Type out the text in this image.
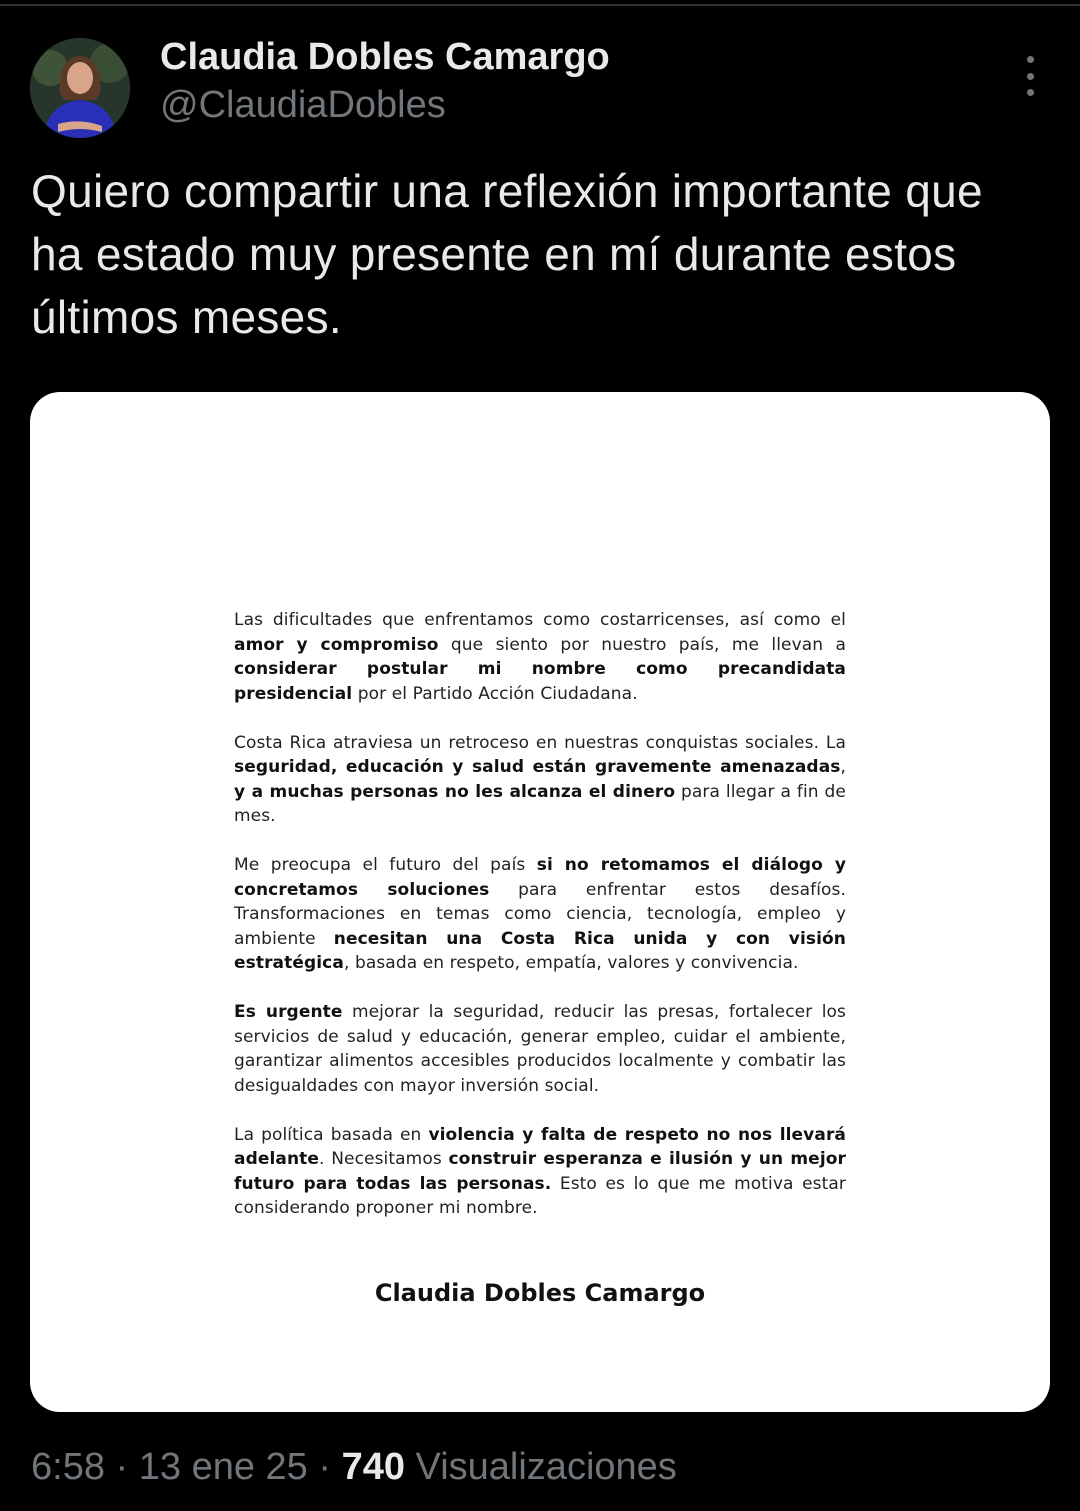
Claudia Dobles Camargo
@ClaudiaDobles
Quiero compartir una reflexión importante que ha estado muy presente en mí durante estos últimos meses.

Las dificultades que enfrentamos como costarricenses, así como el amor y compromiso que siento por nuestro país, me llevan a considerar postular mi nombre como precandidata presidencial por el Partido Acción Ciudadana.

Costa Rica atraviesa un retroceso en nuestras conquistas sociales. La seguridad, educación y salud están gravemente amenazadas, y a muchas personas no les alcanza el dinero para llegar a fin de mes.

Me preocupa el futuro del país si no retomamos el diálogo y concretamos soluciones para enfrentar estos desafíos. Transformaciones en temas como ciencia, tecnología, empleo y ambiente necesitan una Costa Rica unida y con visión estratégica, basada en respeto, empatía, valores y convivencia.

Es urgente mejorar la seguridad, reducir las presas, fortalecer los servicios de salud y educación, generar empleo, cuidar el ambiente, garantizar alimentos accesibles producidos localmente y combatir las desigualdades con mayor inversión social.

La política basada en violencia y falta de respeto no nos llevará adelante. Necesitamos construir esperanza e ilusión y un mejor futuro para todas las personas. Esto es lo que me motiva estar considerando proponer mi nombre.

Claudia Dobles Camargo
6:58 · 13 ene 25 · 740 Visualizaciones
